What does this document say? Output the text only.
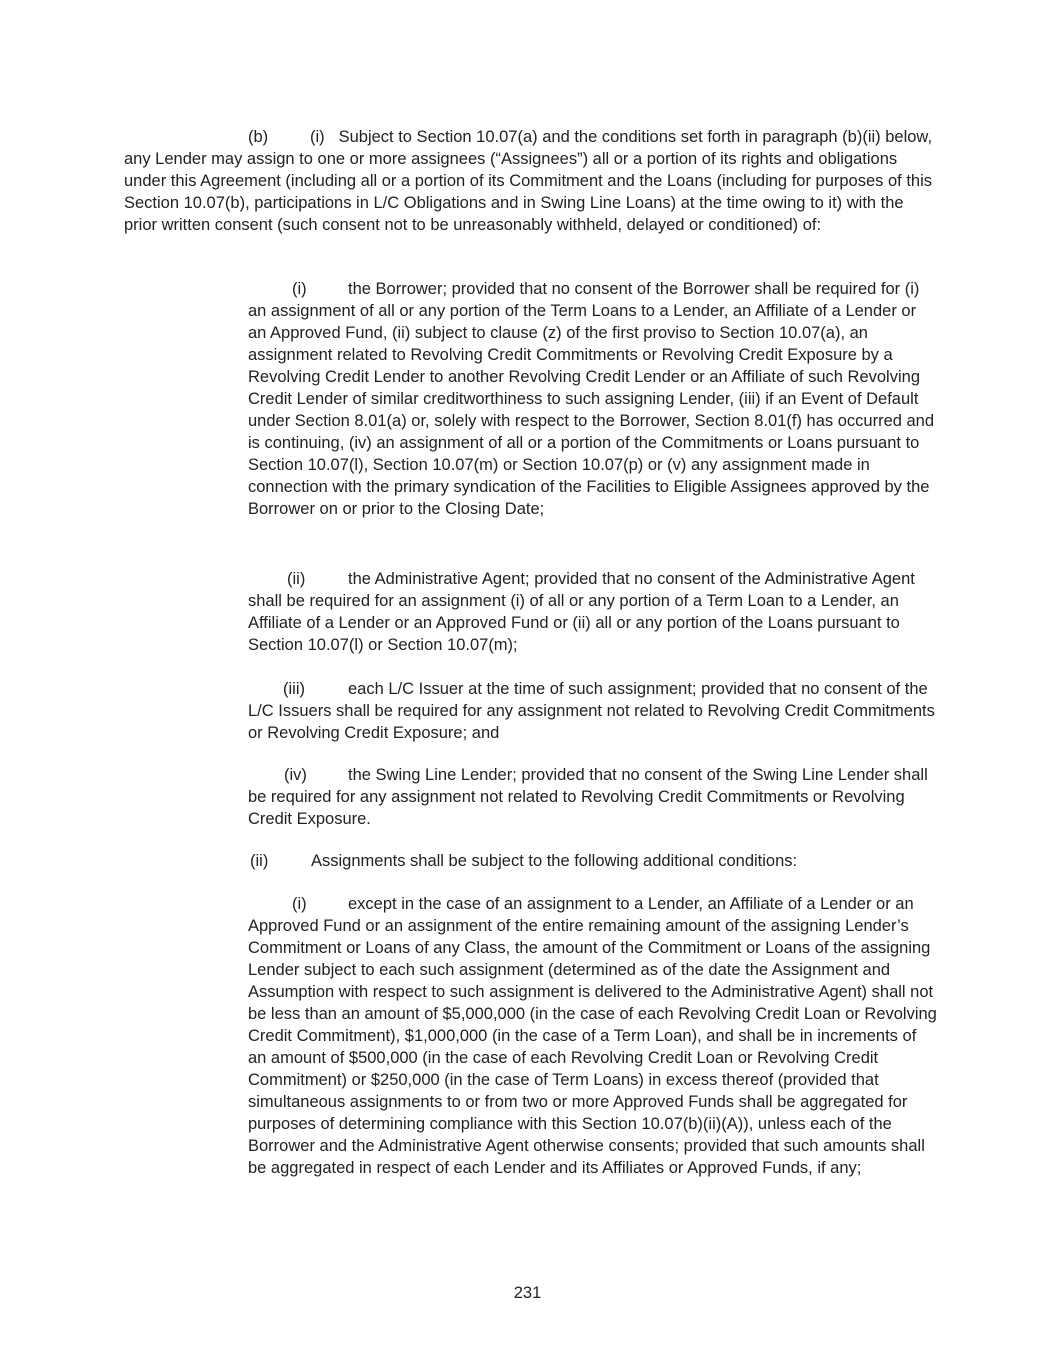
(b)	(i) Subject to Section 10.07(a) and the conditions set forth in paragraph (b)(ii) below, any Lender may assign to one or more assignees (“Assignees”) all or a portion of its rights and obligations under this Agreement (including all or a portion of its Commitment and the Loans (including for purposes of this Section 10.07(b), participations in L/C Obligations and in Swing Line Loans) at the time owing to it) with the prior written consent (such consent not to be unreasonably withheld, delayed or conditioned) of:

(i)	the Borrower; provided that no consent of the Borrower shall be required for (i) an assignment of all or any portion of the Term Loans to a Lender, an Affiliate of a Lender or an Approved Fund, (ii) subject to clause (z) of the first proviso to Section 10.07(a), an assignment related to Revolving Credit Commitments or Revolving Credit Exposure by a Revolving Credit Lender to another Revolving Credit Lender or an Affiliate of such Revolving Credit Lender of similar creditworthiness to such assigning Lender, (iii) if an Event of Default under Section 8.01(a) or, solely with respect to the Borrower, Section 8.01(f) has occurred and is continuing, (iv) an assignment of all or a portion of the Commitments or Loans pursuant to Section 10.07(l), Section 10.07(m) or Section 10.07(p) or (v) any assignment made in connection with the primary syndication of the Facilities to Eligible Assignees approved by the Borrower on or prior to the Closing Date;

(ii)	the Administrative Agent; provided that no consent of the Administrative Agent shall be required for an assignment (i) of all or any portion of a Term Loan to a Lender, an Affiliate of a Lender or an Approved Fund or (ii) all or any portion of the Loans pursuant to Section 10.07(l) or Section 10.07(m);

(iii)	each L/C Issuer at the time of such assignment; provided that no consent of the L/C Issuers shall be required for any assignment not related to Revolving Credit Commitments or Revolving Credit Exposure; and

(iv) the Swing Line Lender; provided that no consent of the Swing Line Lender shall be required for any assignment not related to Revolving Credit Commitments or Revolving Credit Exposure.

(ii)	Assignments shall be subject to the following additional conditions:

(i)	except in the case of an assignment to a Lender, an Affiliate of a Lender or an Approved Fund or an assignment of the entire remaining amount of the assigning Lender’s Commitment or Loans of any Class, the amount of the Commitment or Loans of the assigning Lender subject to each such assignment (determined as of the date the Assignment and Assumption with respect to such assignment is delivered to the Administrative Agent) shall not be less than an amount of $5,000,000 (in the case of each Revolving Credit Loan or Revolving Credit Commitment), $1,000,000 (in the case of a Term Loan), and shall be in increments of an amount of $500,000 (in the case of each Revolving Credit Loan or Revolving Credit Commitment) or $250,000 (in the case of Term Loans) in excess thereof (provided that simultaneous assignments to or from two or more Approved Funds shall be aggregated for purposes of determining compliance with this Section 10.07(b)(ii)(A)), unless each of the Borrower and the Administrative Agent otherwise consents; provided that such amounts shall be aggregated in respect of each Lender and its Affiliates or Approved Funds, if any;

231
